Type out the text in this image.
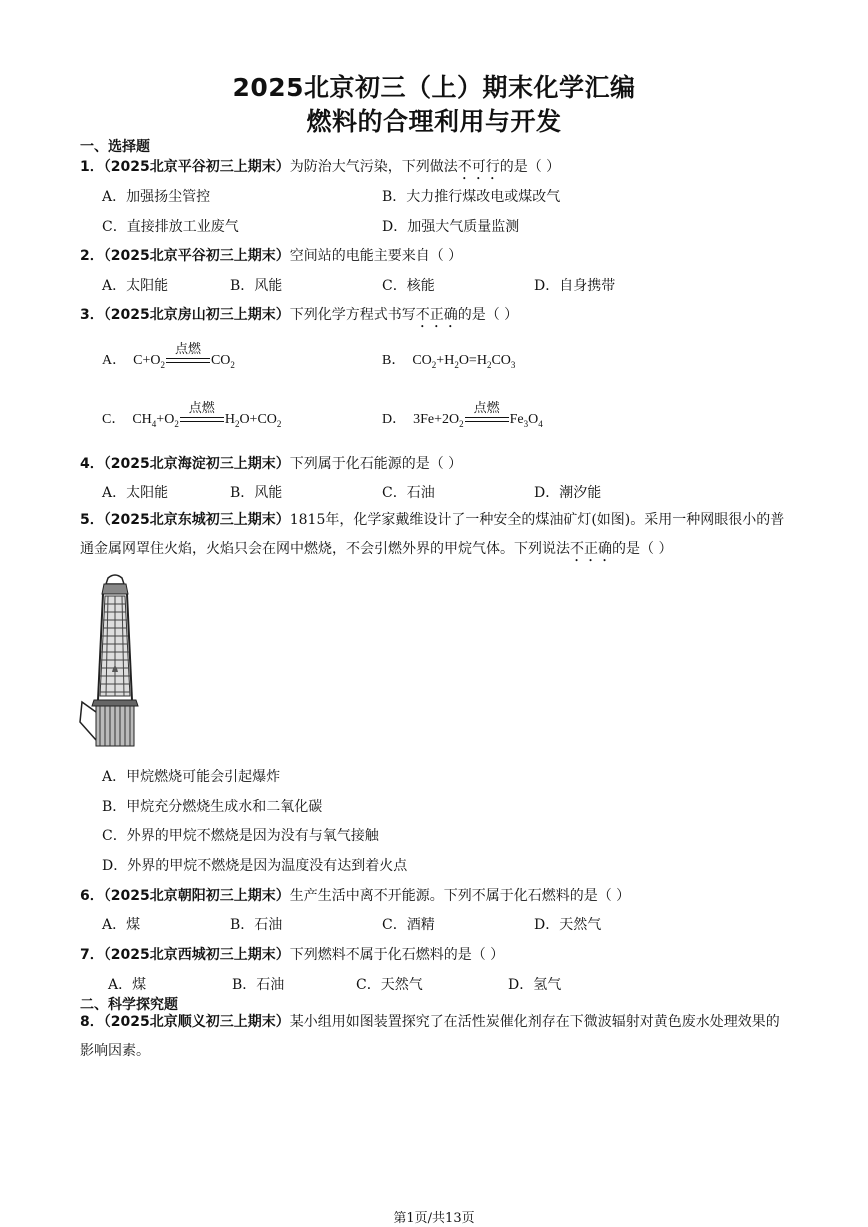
2025北京初三（上）期末化学汇编
燃料的合理利用与开发
一、选择题
1．（2025北京平谷初三上期末）为防治大气污染，下列做法不可行的是（ ）
A．加强扬尘管控	B．大力推行煤改电或煤改气
C．直接排放工业废气	D．加强大气质量监测
2．（2025北京平谷初三上期末）空间站的电能主要来自（ ）
A．太阳能	B．风能	C．核能	D．自身携带
3．（2025北京房山初三上期末）下列化学方程式书写不正确的是（ ）
A．  $C+O_2$
点燃
$CO_2$	B．  $CO_2+H_2O=H_2CO_3$
C．  $CH_4+O_2$
点燃
$H_2O+CO_2$	D．  $3Fe+2O_2$
点燃
$Fe_3O_4$
4．（2025北京海淀初三上期末）下列属于化石能源的是（ ）
A．太阳能	B．风能	C．石油	D．潮汐能
5．（2025北京东城初三上期末）1815年，化学家戴维设计了一种安全的煤油矿灯(如图)。采用一种网眼很小的普通金属网罩住火焰，火焰只会在网中燃烧，不会引燃外界的甲烷气体。下列说法不正确的是（ ）
A．甲烷燃烧可能会引起爆炸
B．甲烷充分燃烧生成水和二氧化碳
C．外界的甲烷不燃烧是因为没有与氧气接触
D．外界的甲烷不燃烧是因为温度没有达到着火点
6．（2025北京朝阳初三上期末）生产生活中离不开能源。下列不属于化石燃料的是（ ）
A．煤	B．石油	C．酒精	D．天然气
7．（2025北京西城初三上期末）下列燃料不属于化石燃料的是（ ）
A．煤	B．石油	C．天然气	D．氢气
二、科学探究题
8．（2025北京顺义初三上期末）某小组用如图装置探究了在活性炭催化剂存在下微波辐射对黄色废水处理效果的影响因素。
第1页/共13页
